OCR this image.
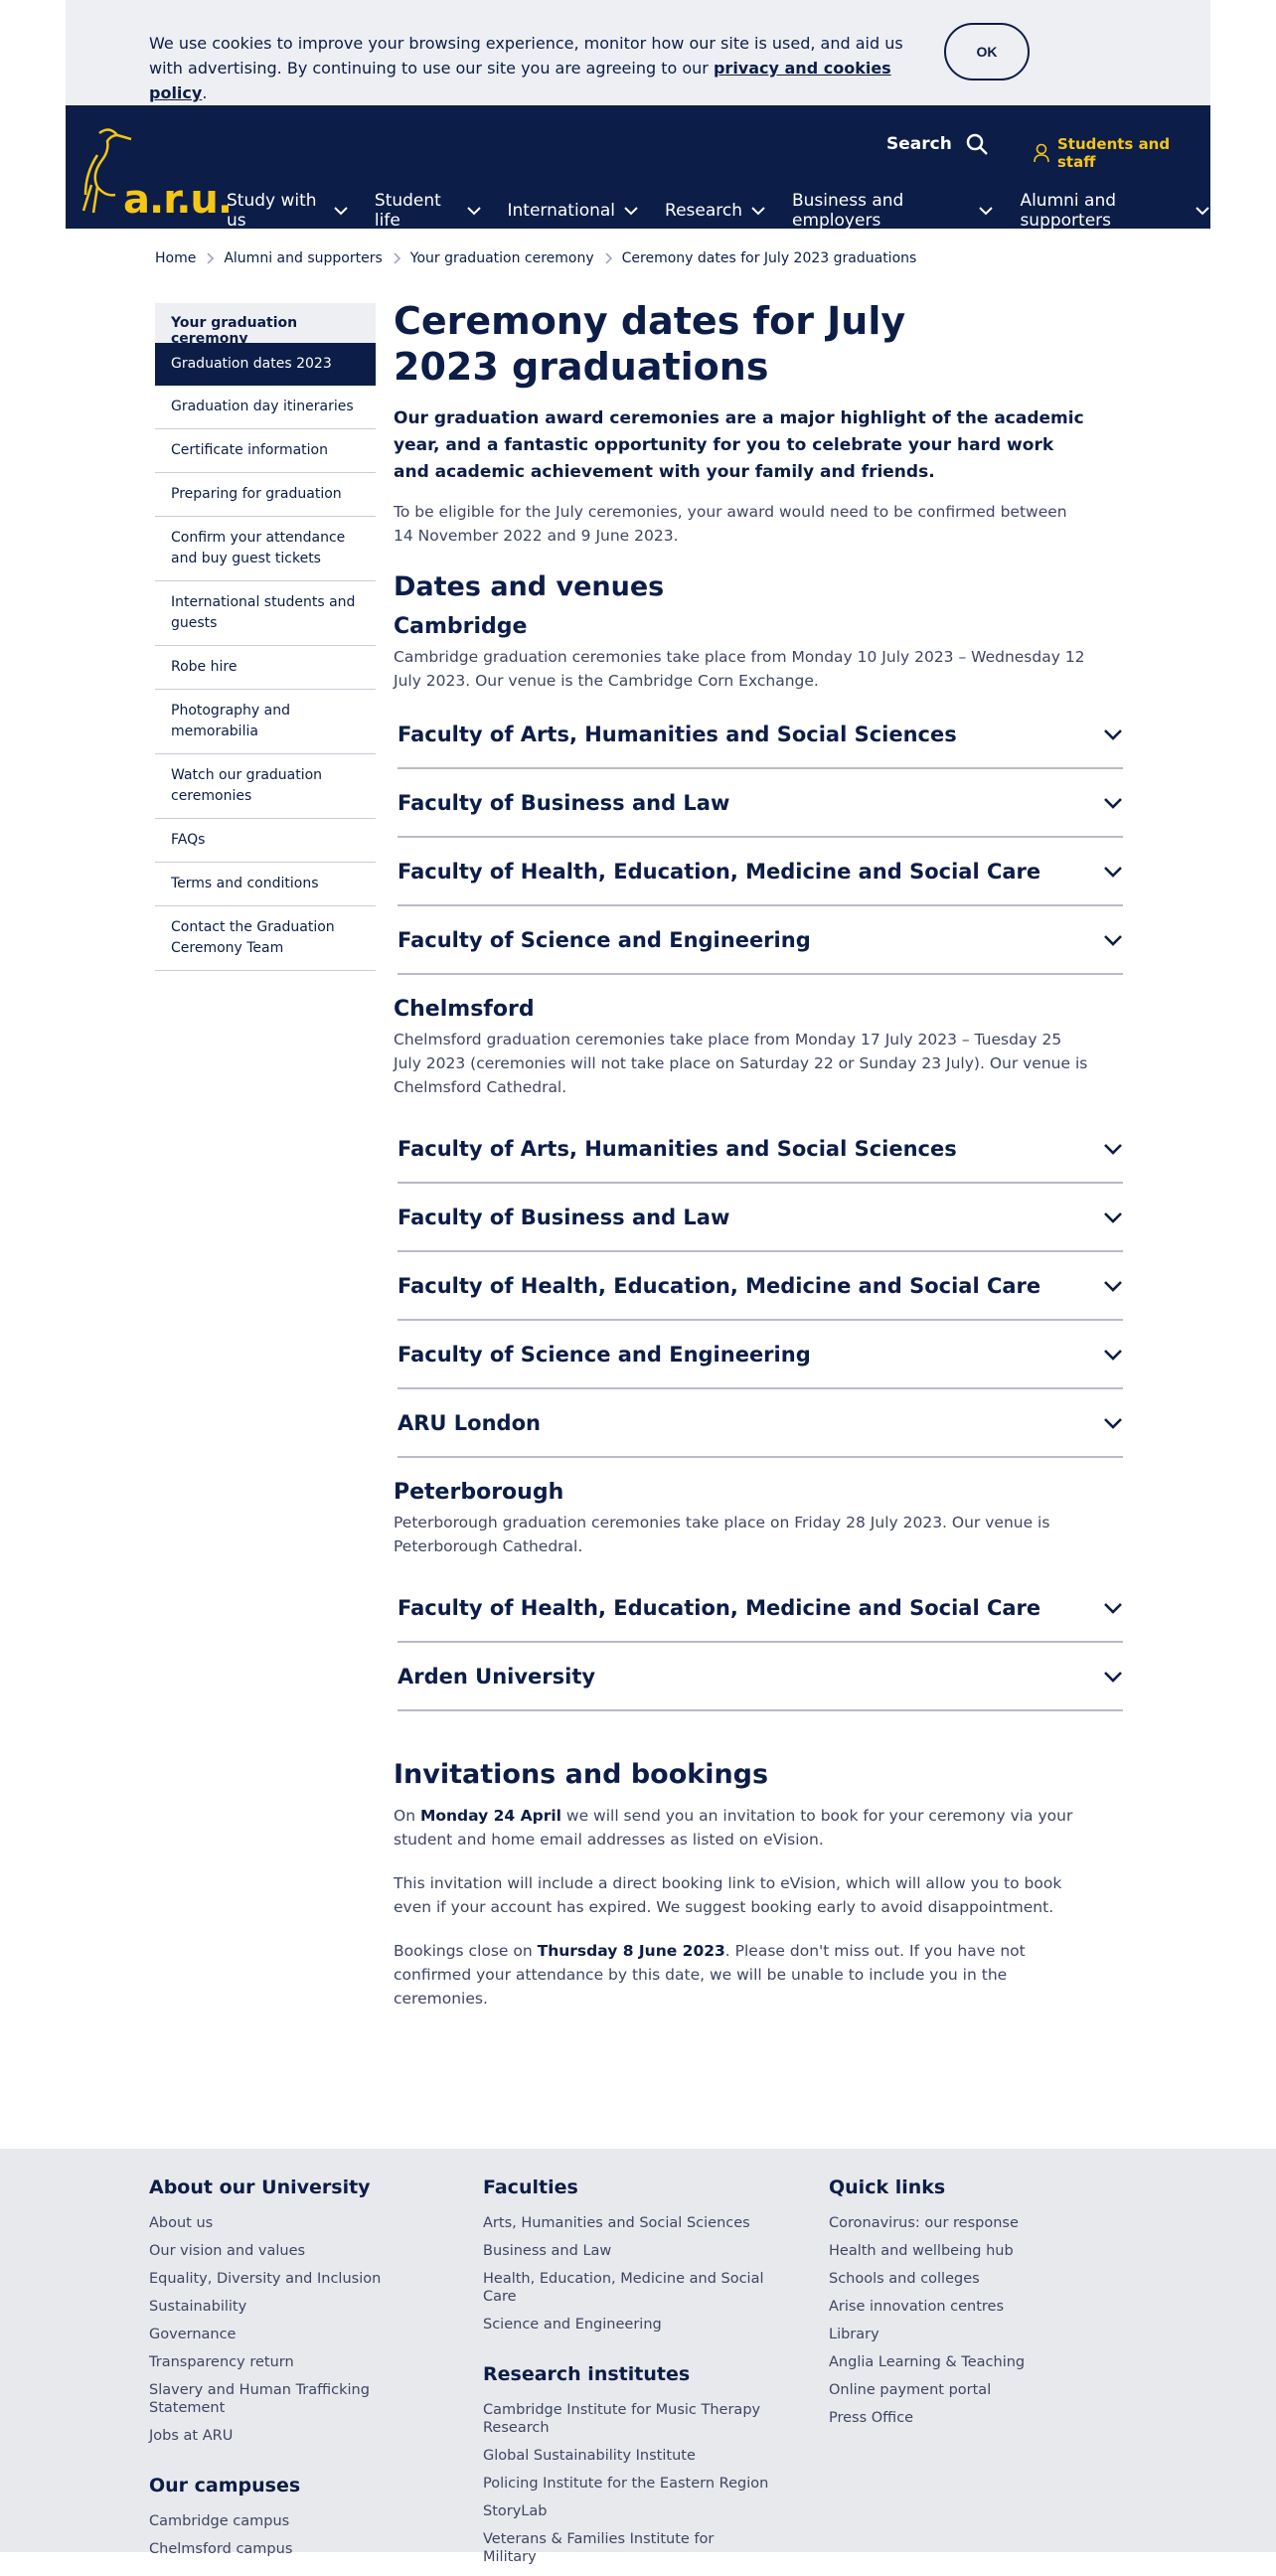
We use cookies to improve your browsing experience, monitor how our site is used, and aid us with advertising. By continuing to use our site you are agreeing to our privacy and cookies policy.

OK
a.r.u.
Search	Students and staff
Study with us
Student life	International	Research	Business and employers
Alumni and supporters
Home Alumni and supporters Your graduation ceremony Ceremony dates for July 2023 graduations
Your graduation ceremony
Graduation dates 2023
Graduation day itineraries
Certificate information
Preparing for graduation
Confirm your attendance and buy guest tickets
International students and guests
Robe hire
Photography and memorabilia
Watch our graduation ceremonies
FAQs
Terms and conditions
Contact the Graduation Ceremony Team
Ceremony dates for July 2023 graduations

Our graduation award ceremonies are a major highlight of the academic year, and a fantastic opportunity for you to celebrate your hard work and academic achievement with your family and friends.

To be eligible for the July ceremonies, your award would need to be confirmed between 14 November 2022 and 9 June 2023.

Dates and venues
Cambridge

Cambridge graduation ceremonies take place from Monday 10 July 2023 – Wednesday 12 July 2023. Our venue is the Cambridge Corn Exchange.

Faculty of Arts, Humanities and Social Sciences
Faculty of Business and Law
Faculty of Health, Education, Medicine and Social Care
Faculty of Science and Engineering
Chelmsford

Chelmsford graduation ceremonies take place from Monday 17 July 2023 – Tuesday 25 July 2023 (ceremonies will not take place on Saturday 22 or Sunday 23 July). Our venue is Chelmsford Cathedral.

Faculty of Arts, Humanities and Social Sciences
Faculty of Business and Law
Faculty of Health, Education, Medicine and Social Care
Faculty of Science and Engineering
ARU London
Peterborough

Peterborough graduation ceremonies take place on Friday 28 July 2023. Our venue is Peterborough Cathedral.

Faculty of Health, Education, Medicine and Social Care
Arden University
Invitations and bookings

On Monday 24 April we will send you an invitation to book for your ceremony via your student and home email addresses as listed on eVision.

This invitation will include a direct booking link to eVision, which will allow you to book even if your account has expired. We suggest booking early to avoid disappointment.

Bookings close on Thursday 8 June 2023. Please don't miss out. If you have not confirmed your attendance by this date, we will be unable to include you in the ceremonies.

About our University
About us
Our vision and values
Equality, Diversity and Inclusion
Sustainability
Governance
Transparency return
Slavery and Human Trafficking Statement
Jobs at ARU
Our campuses
Cambridge campus
Chelmsford campus
Faculties
Arts, Humanities and Social Sciences
Business and Law
Health, Education, Medicine and Social Care
Science and Engineering
Research institutes
Cambridge Institute for Music Therapy Research
Global Sustainability Institute
Policing Institute for the Eastern Region
StoryLab
Veterans & Families Institute for Military
Quick links
Coronavirus: our response
Health and wellbeing hub
Schools and colleges
Arise innovation centres
Library
Anglia Learning & Teaching
Online payment portal
Press Office
